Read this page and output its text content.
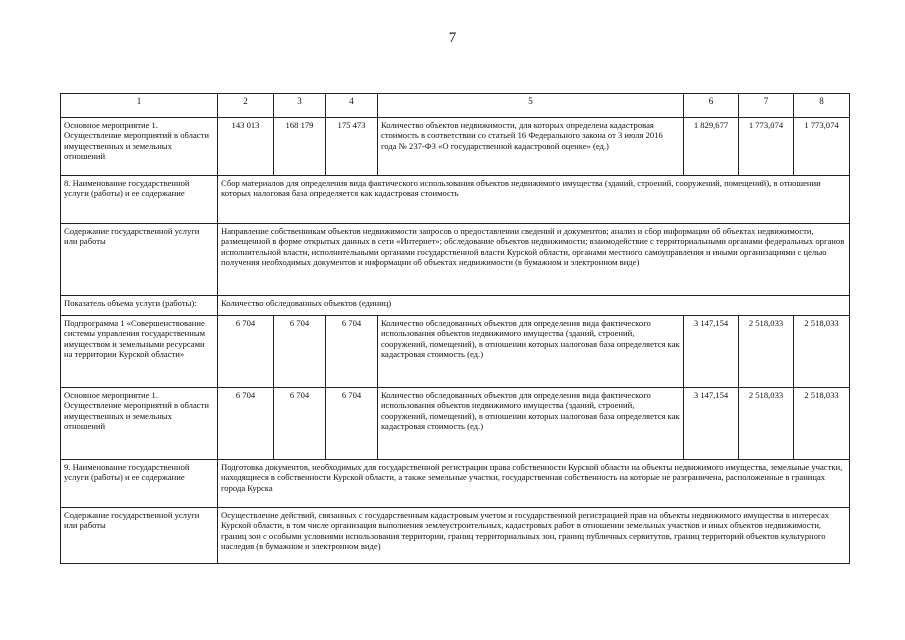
7
1	2	3	4	5	6	7	8
Основное мероприятие 1. Осуществление мероприятий в области имущественных и земельных отношений	143 013	168 179	175 473	Количество объектов недвижимости, для которых определена кадастровая стоимость в соответствии со статьей 16 Федерального закона от 3 июля 2016 года № 237-ФЗ «О государственной кадастровой оценке» (ед.)	1 829,677	1 773,074	1 773,074
8. Наименование государственной услуги (работы) и ее содержание	Сбор материалов для определения вида фактического использования объектов недвижимого имущества (зданий, строений, сооружений, помещений), в отношении которых налоговая база определяется как кадастровая стоимость						
Содержание государственной услуги или работы	Направление собственникам объектов недвижимости запросов о предоставлении сведений и документов; анализ и сбор информации об объектах недвижимости, размещенной в форме открытых данных в сети «Интернет»; обследование объектов недвижимости; взаимодействие с территориальными органами федеральных органов исполнительной власти, исполнительными органами государственной власти Курской области, органами местного самоуправления и иными организациями с целью получения необходимых документов и информации об объектах недвижимости (в бумажном и электронном виде)						
Показатель объема услуги (работы):	Количество обследованных объектов (единиц)						
Подпрограмма 1 «Совершенствование системы управления государственным имуществом и земельными ресурсами на территории Курской области»	6 704	6 704	6 704	Количество обследованных объектов для определения вида фактического использования объектов недвижимого имущества (зданий, строений, сооружений, помещений), в отношении которых налоговая база определяется как кадастровая стоимость (ед.)	3 147,154	2 518,033	2 518,033
Основное мероприятие 1. Осуществление мероприятий в области имущественных и земельных отношений	6 704	6 704	6 704	Количество обследованных объектов для определения вида фактического использования объектов недвижимого имущества (зданий, строений, сооружений, помещений), в отношении которых налоговая база определяется как кадастровая стоимость (ед.)	3 147,154	2 518,033	2 518,033
9. Наименование государственной услуги (работы) и ее содержание	Подготовка документов, необходимых для государственной регистрации права собственности Курской области на объекты недвижимого имущества, земельные участки, находящиеся в собственности Курской области, а также земельные участки, государственная собственность на которые не разграничена, расположенные в границах города Курска						
Содержание государственной услуги или работы	Осуществление действий, связанных с государственным кадастровым учетом и государственной регистрацией прав на объекты недвижимого имущества в интересах Курской области, в том числе организация выполнения землеустроительных, кадастровых работ в отношении земельных участков и иных объектов недвижимости, границ зон с особыми условиями использования территории, границ территориальных зон, границ публичных сервитутов, границ территорий объектов культурного наследия (в бумажном и электронном виде)						
